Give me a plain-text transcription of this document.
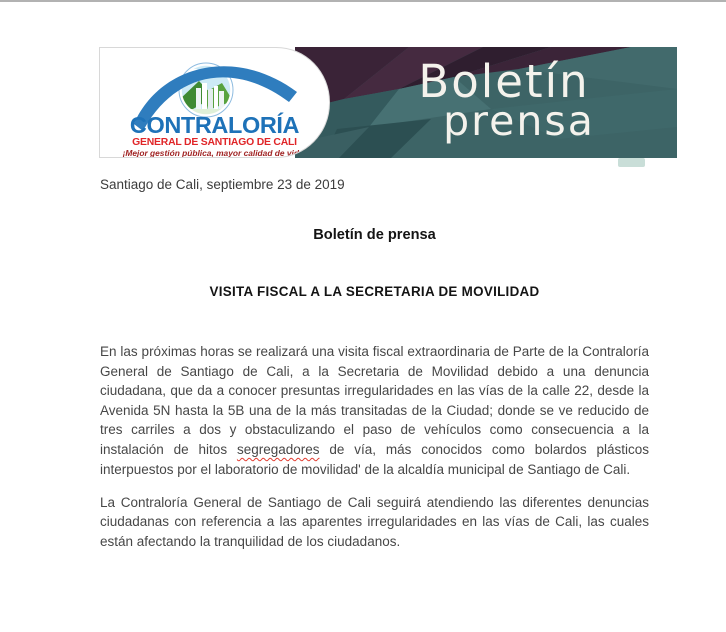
CONTRALORÍA
GENERAL DE SANTIAGO DE CALI
¡Mejor gestión pública, mayor calidad de vida!
Boletín
prensa
Santiago de Cali, septiembre 23 de 2019
Boletín de prensa
VISITA FISCAL A LA SECRETARIA DE MOVILIDAD

En las próximas horas se realizará una visita fiscal extraordinaria de Parte de la Contraloría General de Santiago de Cali, a la Secretaria de Movilidad debido a una denuncia ciudadana, que da a conocer presuntas irregularidades en las vías de la calle 22, desde la Avenida 5N hasta la 5B una de la más transitadas de la Ciudad; donde se ve reducido de tres carriles a dos y obstaculizando el paso de vehículos como consecuencia a la instalación de hitos segregadores de vía, más conocidos como bolardos plásticos interpuestos por el laboratorio de movilidad' de la alcaldía municipal de Santiago de Cali.

La Contraloría General de Santiago de Cali seguirá atendiendo las diferentes denuncias ciudadanas con referencia a las aparentes irregularidades en las vías de Cali, las cuales están afectando la tranquilidad de los ciudadanos.
